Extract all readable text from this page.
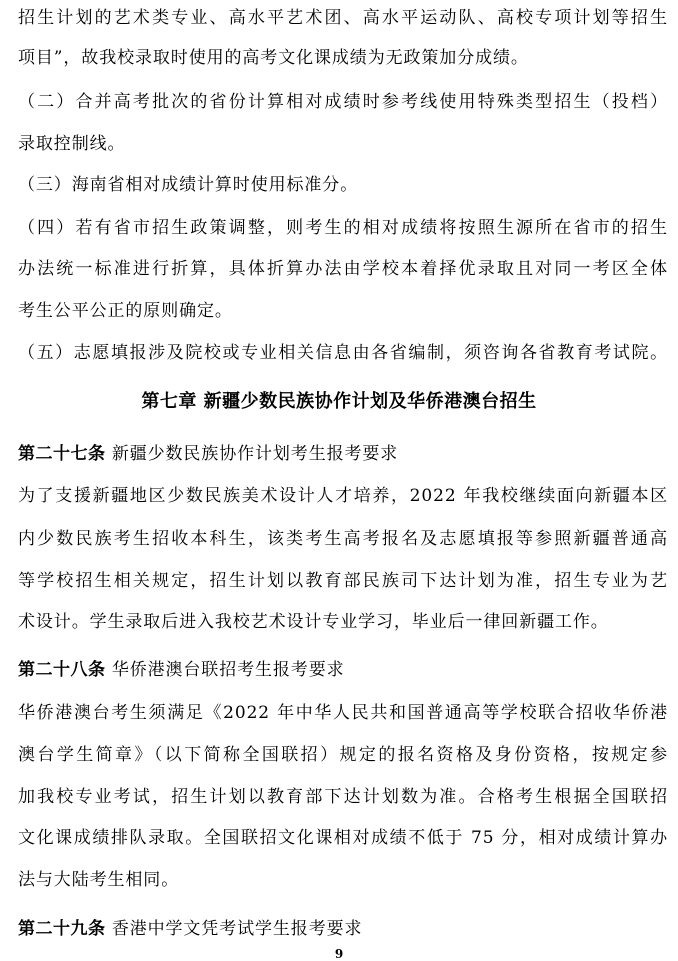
招生计划的艺术类专业、高水平艺术团、高水平运动队、高校专项计划等招生
项目”，故我校录取时使用的高考文化课成绩为无政策加分成绩。
（二）合并高考批次的省份计算相对成绩时参考线使用特殊类型招生（投档）
录取控制线。
（三）海南省相对成绩计算时使用标准分。
（四）若有省市招生政策调整，则考生的相对成绩将按照生源所在省市的招生
办法统一标准进行折算，具体折算办法由学校本着择优录取且对同一考区全体
考生公平公正的原则确定。
（五）志愿填报涉及院校或专业相关信息由各省编制，须咨询各省教育考试院。
第七章 新疆少数民族协作计划及华侨港澳台招生
第二十七条 新疆少数民族协作计划考生报考要求
为了支援新疆地区少数民族美术设计人才培养，2022 年我校继续面向新疆本区
内少数民族考生招收本科生，该类考生高考报名及志愿填报等参照新疆普通高
等学校招生相关规定，招生计划以教育部民族司下达计划为准，招生专业为艺
术设计。学生录取后进入我校艺术设计专业学习，毕业后一律回新疆工作。
第二十八条 华侨港澳台联招考生报考要求
华侨港澳台考生须满足《2022 年中华人民共和国普通高等学校联合招收华侨港
澳台学生简章》（以下简称全国联招）规定的报名资格及身份资格，按规定参
加我校专业考试，招生计划以教育部下达计划数为准。合格考生根据全国联招
文化课成绩排队录取。全国联招文化课相对成绩不低于 75 分，相对成绩计算办
法与大陆考生相同。
第二十九条 香港中学文凭考试学生报考要求
9
